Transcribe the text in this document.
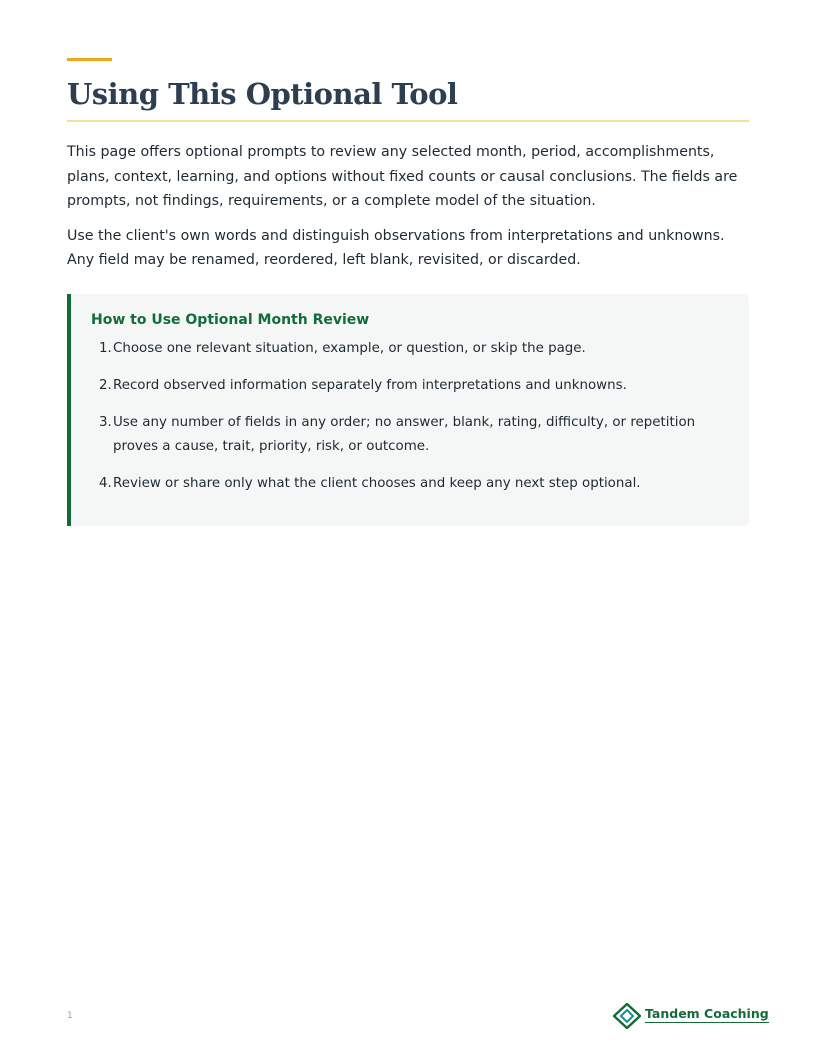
Using This Optional Tool

This page offers optional prompts to review any selected month, period, accomplishments, plans, context, learning, and options without fixed counts or causal conclusions. The fields are prompts, not findings, requirements, or a complete model of the situation.

Use the client's own words and distinguish observations from interpretations and unknowns. Any field may be renamed, reordered, left blank, revisited, or discarded.

How to Use Optional Month Review
1. Choose one relevant situation, example, or question, or skip the page.
2. Record observed information separately from interpretations and unknowns.
3. Use any number of fields in any order; no answer, blank, rating, difficulty, or repetition proves a cause, trait, priority, risk, or outcome.
4. Review or share only what the client chooses and keep any next step optional.
1	Tandem Coaching
